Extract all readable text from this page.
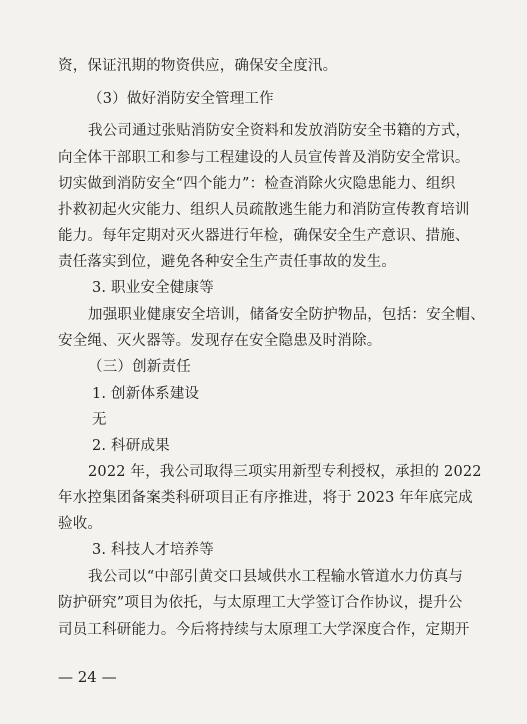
资，保证汛期的物资供应，确保安全度汛。
（3）做好消防安全管理工作
我公司通过张贴消防安全资料和发放消防安全书籍的方式，
向全体干部职工和参与工程建设的人员宣传普及消防安全常识。
切实做到消防安全“四个能力”：检查消除火灾隐患能力、组织
扑救初起火灾能力、组织人员疏散逃生能力和消防宣传教育培训
能力。每年定期对灭火器进行年检，确保安全生产意识、措施、
责任落实到位，避免各种安全生产责任事故的发生。
3. 职业安全健康等
加强职业健康安全培训，储备安全防护物品，包括：安全帽、
安全绳、灭火器等。发现存在安全隐患及时消除。
（三）创新责任
1. 创新体系建设
无
2. 科研成果
2022 年，我公司取得三项实用新型专利授权，承担的 2022
年水控集团备案类科研项目正有序推进，将于 2023 年年底完成
验收。
3. 科技人才培养等
我公司以“中部引黄交口县域供水工程输水管道水力仿真与
防护研究”项目为依托，与太原理工大学签订合作协议，提升公
司员工科研能力。今后将持续与太原理工大学深度合作，定期开
— 24 —
